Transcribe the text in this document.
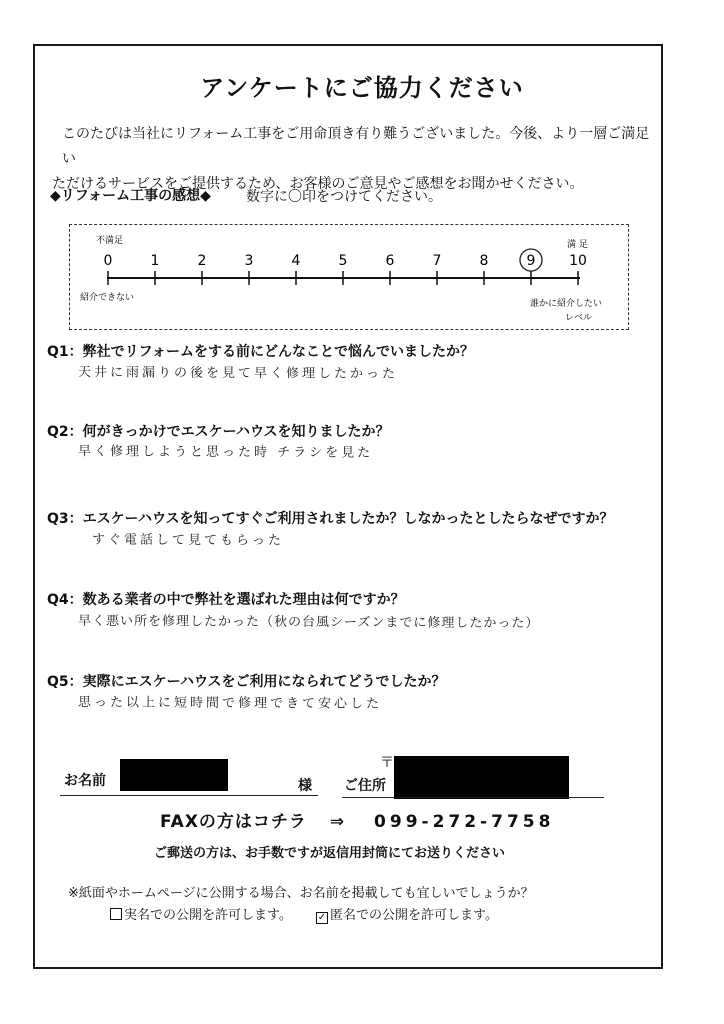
アンケートにご協力ください
このたびは当社にリフォーム工事をご用命頂き有り難うございました。今後、より一層ご満足い
ただけるサービスをご提供するため、お客様のご意見やご感想をお聞かせください。
◆リフォーム工事の感想◆	数字に〇印をつけてください。
不満足	満 足
紹介できない
誰かに紹介したい
レベル
0	1	2	3	4	5	6	7	8	9 10
Q1：弊社でリフォームをする前にどんなことで悩んでいましたか？
天井に雨漏りの後を見て早く修理したかった
Q2：何がきっかけでエスケーハウスを知りましたか？
早く修理しようと思った時 チラシを見た
Q3：エスケーハウスを知ってすぐご利用されましたか？しなかったとしたらなぜですか？
すぐ電話して見てもらった
Q4：数ある業者の中で弊社を選ばれた理由は何ですか？
早く悪い所を修理したかった（秋の台風シーズンまでに修理したかった）
Q5：実際にエスケーハウスをご利用になられてどうでしたか？
思った以上に短時間で修理できて安心した
お名前	様 ご住所
〒
FAXの方はコチラ ⇒ 099-272-7758
ご郵送の方は、お手数ですが返信用封筒にてお送りください
※紙面やホームページに公開する場合、お名前を掲載しても宜しいでしょうか？
実名での公開を許可します。	✓ 匿名での公開を許可します。
